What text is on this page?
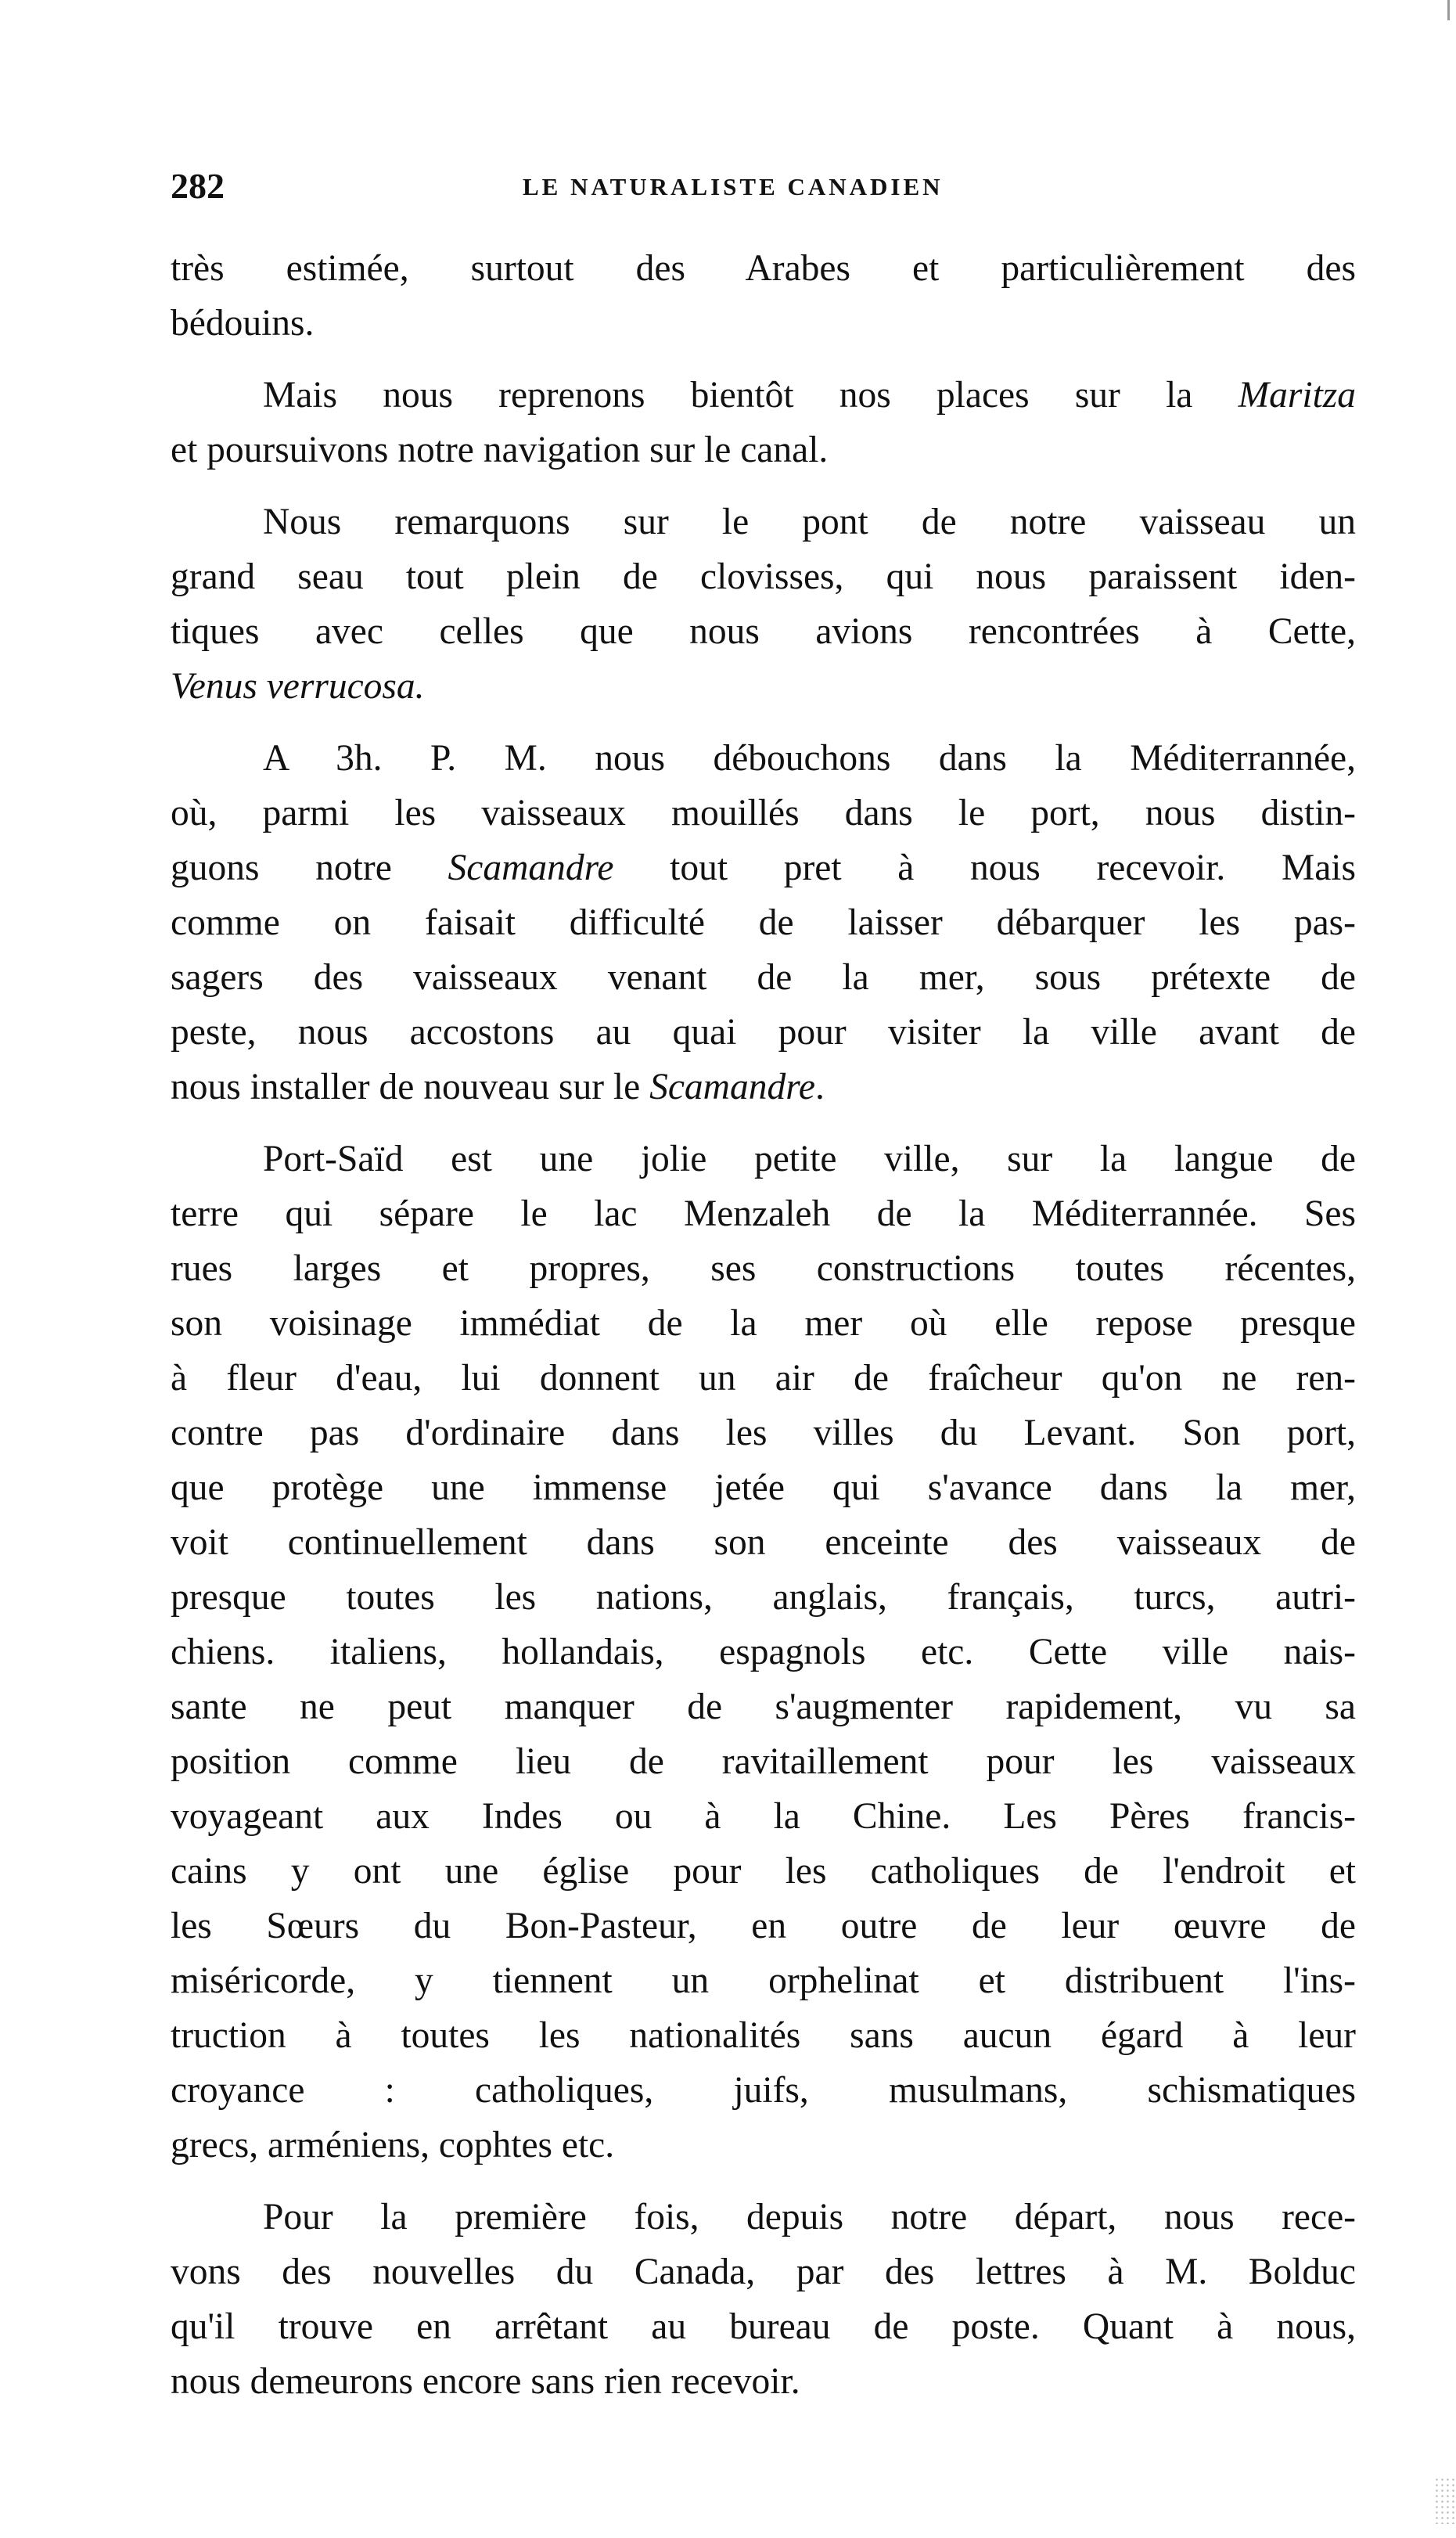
282	LE NATURALISTE CANADIEN

très estimée, surtout des Arabes et particulièrement des
bédouins.

Mais nous reprenons bientôt nos places sur la Maritza
et poursuivons notre navigation sur le canal.

Nous remarquons sur le pont de notre vaisseau un
grand seau tout plein de clovisses, qui nous paraissent iden-
tiques avec celles que nous avions rencontrées à Cette,
Venus verrucosa.

A 3h. P. M. nous débouchons dans la Méditerrannée,
où, parmi les vaisseaux mouillés dans le port, nous distin-
guons notre Scamandre tout pret à nous recevoir. Mais
comme on faisait difficulté de laisser débarquer les pas-
sagers des vaisseaux venant de la mer, sous prétexte de
peste, nous accostons au quai pour visiter la ville avant de
nous installer de nouveau sur le Scamandre.

Port-Saïd est une jolie petite ville, sur la langue de
terre qui sépare le lac Menzaleh de la Méditerrannée. Ses
rues larges et propres, ses constructions toutes récentes,
son voisinage immédiat de la mer où elle repose presque
à fleur d'eau, lui donnent un air de fraîcheur qu'on ne ren-
contre pas d'ordinaire dans les villes du Levant. Son port,
que protège une immense jetée qui s'avance dans la mer,
voit continuellement dans son enceinte des vaisseaux de
presque toutes les nations, anglais, français, turcs, autri-
chiens. italiens, hollandais, espagnols etc. Cette ville nais-
sante ne peut manquer de s'augmenter rapidement, vu sa
position comme lieu de ravitaillement pour les vaisseaux
voyageant aux Indes ou à la Chine. Les Pères francis-
cains y ont une église pour les catholiques de l'endroit et
les Sœurs du Bon-Pasteur, en outre de leur œuvre de
miséricorde, y tiennent un orphelinat et distribuent l'ins-
truction à toutes les nationalités sans aucun égard à leur
croyance : catholiques, juifs, musulmans, schismatiques
grecs, arméniens, cophtes etc.

Pour la première fois, depuis notre départ, nous rece-
vons des nouvelles du Canada, par des lettres à M. Bolduc
qu'il trouve en arrêtant au bureau de poste. Quant à nous,
nous demeurons encore sans rien recevoir.
